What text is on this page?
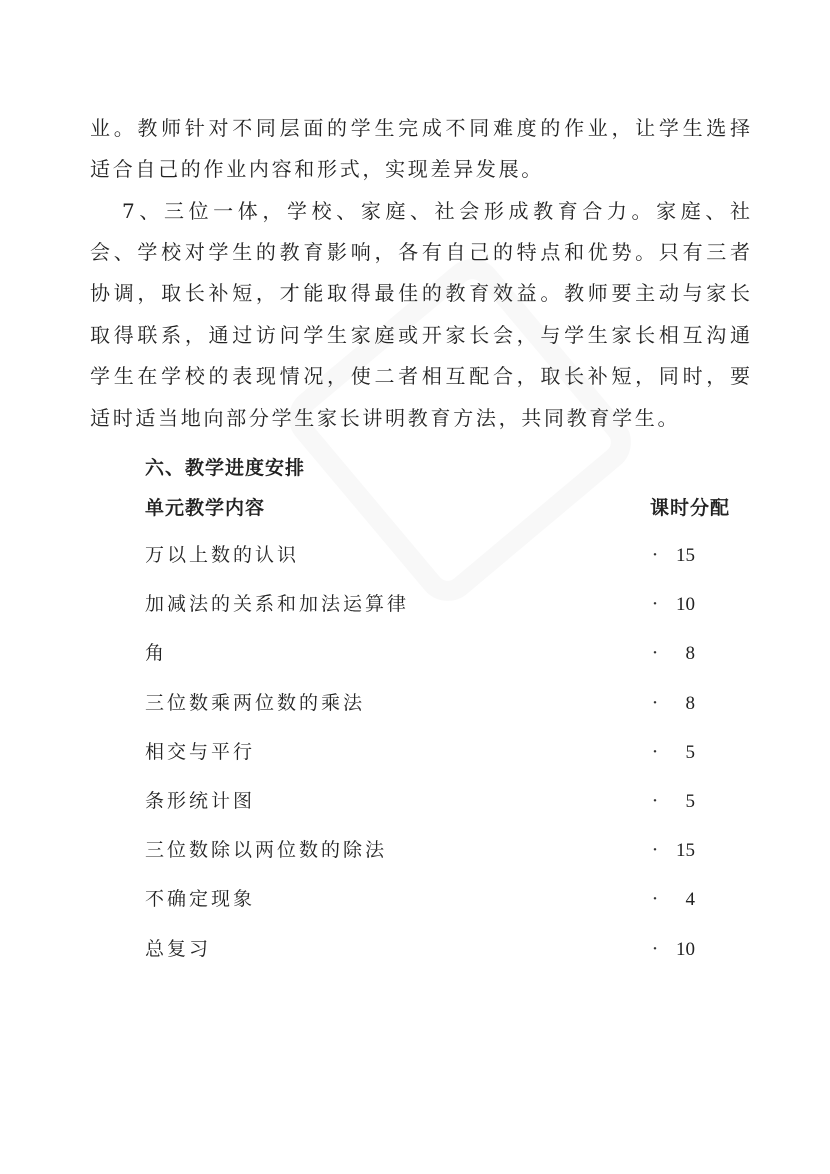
业。教师针对不同层面的学生完成不同难度的作业，让学生选择
适合自己的作业内容和形式，实现差异发展。
7、三位一体，学校、家庭、社会形成教育合力。家庭、社
会、学校对学生的教育影响，各有自己的特点和优势。只有三者
协调，取长补短，才能取得最佳的教育效益。教师要主动与家长
取得联系，通过访问学生家庭或开家长会，与学生家长相互沟通
学生在学校的表现情况，使二者相互配合，取长补短，同时，要
适时适当地向部分学生家长讲明教育方法，共同教育学生。
六、教学进度安排
单元教学内容	课时分配
万以上数的认识	· 15
加减法的关系和加法运算律	· 10
角	· 8
三位数乘两位数的乘法	· 8
相交与平行	· 5
条形统计图	· 5
三位数除以两位数的除法	· 15
不确定现象	· 4
总复习	· 10
